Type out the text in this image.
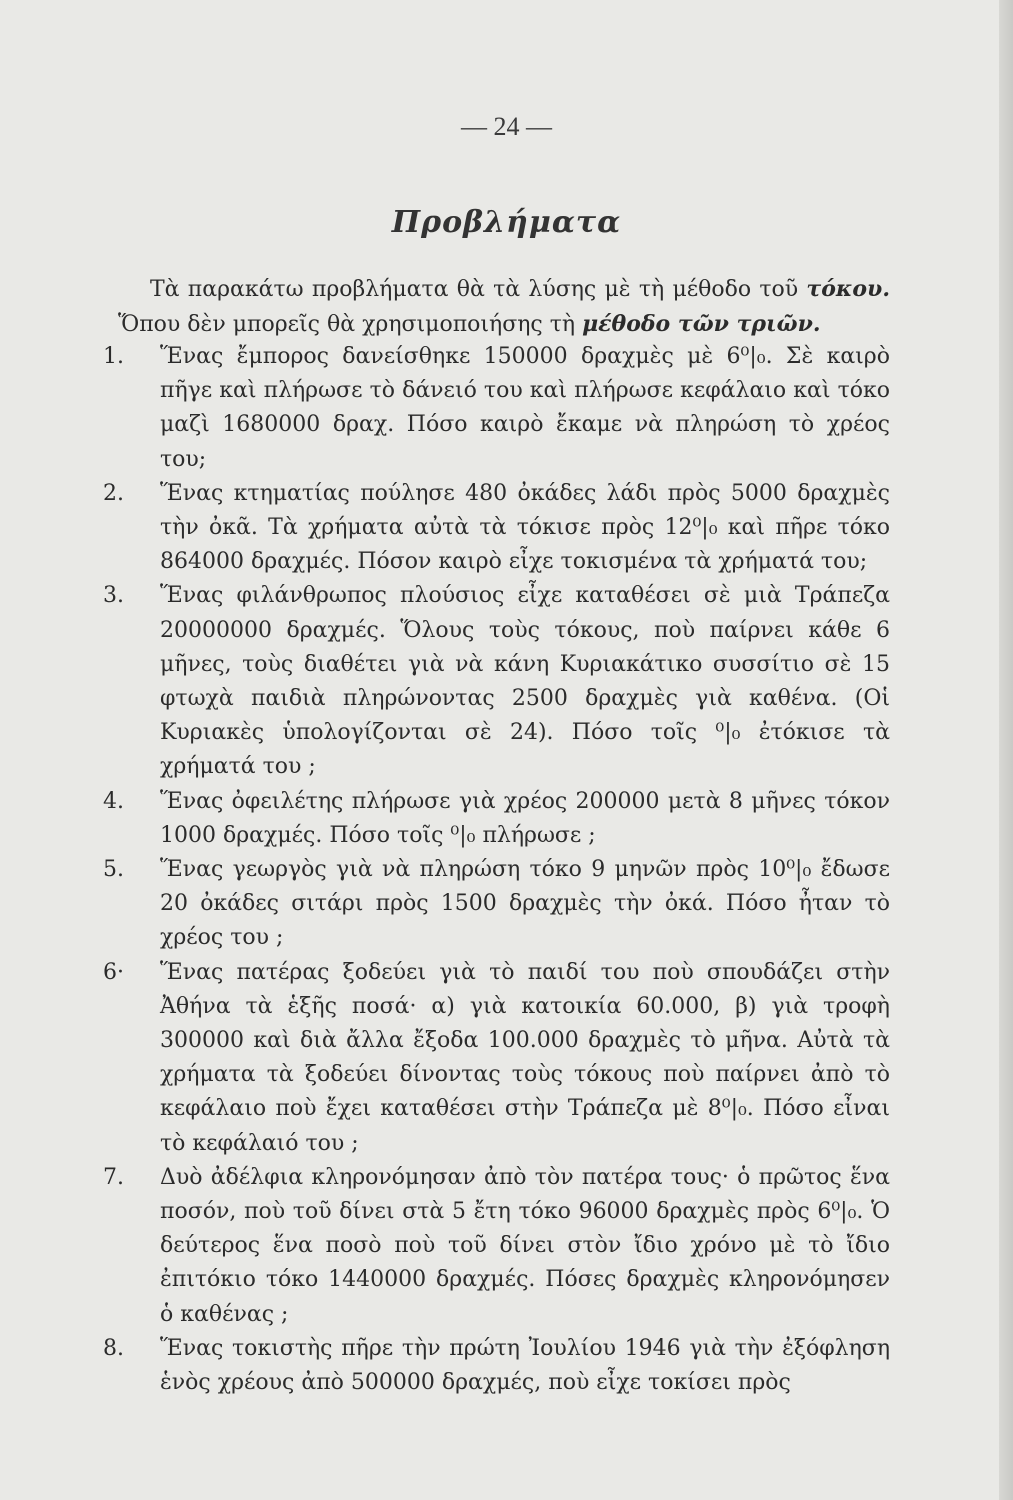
— 24 —
Προβλήματα

Τὰ παρακάτω προβλήματα θὰ τὰ λύσης μὲ τὴ μέθοδο τοῦ τόκου. Ὅπου δὲν μπορεῖς θὰ χρησιμοποιήσης τὴ μέθοδο τῶν τριῶν.

1. Ἕνας ἔμπορος δανείσθηκε 150000 δραχμὲς μὲ 6⁰|₀. Σὲ καιρὸ πῆγε καὶ πλήρωσε τὸ δάνειό του καὶ πλήρωσε κεφάλαιο καὶ τόκο μαζὶ 1680000 δραχ. Πόσο καιρὸ ἔκαμε νὰ πληρώση τὸ χρέος του;
2. Ἕνας κτηματίας πούλησε 480 ὀκάδες λάδι πρὸς 5000 δραχμὲς τὴν ὀκᾶ. Τὰ χρήματα αὐτὰ τὰ τόκισε πρὸς 12⁰|₀ καὶ πῆρε τόκο 864000 δραχμές. Πόσον καιρὸ εἶχε τοκισμένα τὰ χρήματά του;
3. Ἕνας φιλάνθρωπος πλούσιος εἶχε καταθέσει σὲ μιὰ Τράπεζα 20000000 δραχμές. Ὅλους τοὺς τόκους, ποὺ παίρνει κάθε 6 μῆνες, τοὺς διαθέτει γιὰ νὰ κάνη Κυριακάτικο συσσίτιο σὲ 15 φτωχὰ παιδιὰ πληρώνοντας 2500 δραχμὲς γιὰ καθένα. (Οἱ Κυριακὲς ὑπολογίζονται σὲ 24). Πόσο τοῖς ⁰|₀ ἐτόκισε τὰ χρήματά του ;
4. Ἕνας ὀφειλέτης πλήρωσε γιὰ χρέος 200000 μετὰ 8 μῆνες τόκον 1000 δραχμές. Πόσο τοῖς ⁰|₀ πλήρωσε ;
5. Ἕνας γεωργὸς γιὰ νὰ πληρώση τόκο 9 μηνῶν πρὸς 10⁰|₀ ἔδωσε 20 ὀκάδες σιτάρι πρὸς 1500 δραχμὲς τὴν ὀκά. Πόσο ἦταν τὸ χρέος του ;
6· Ἕνας πατέρας ξοδεύει γιὰ τὸ παιδί του ποὺ σπουδάζει στὴν Ἀθήνα τὰ ἑξῆς ποσά· α) γιὰ κατοικία 60.000, β) γιὰ τροφὴ 300000 καὶ διὰ ἄλλα ἔξοδα 100.000 δραχμὲς τὸ μῆνα. Αὐτὰ τὰ χρήματα τὰ ξοδεύει δίνοντας τοὺς τόκους ποὺ παίρνει ἀπὸ τὸ κεφάλαιο ποὺ ἔχει καταθέσει στὴν Τράπεζα μὲ 8⁰|₀. Πόσο εἶναι τὸ κεφάλαιό του ;
7. Δυὸ ἀδέλφια κληρονόμησαν ἀπὸ τὸν πατέρα τους· ὁ πρῶτος ἕνα ποσόν, ποὺ τοῦ δίνει στὰ 5 ἔτη τόκο 96000 δραχμὲς πρὸς 6⁰|₀. Ὁ δεύτερος ἕνα ποσὸ ποὺ τοῦ δίνει στὸν ἴδιο χρόνο μὲ τὸ ἴδιο ἐπιτόκιο τόκο 1440000 δραχμές. Πόσες δραχμὲς κληρονόμησεν ὁ καθένας ;
8. Ἕνας τοκιστὴς πῆρε τὴν πρώτη Ἰουλίου 1946 γιὰ τὴν ἐξόφληση ἑνὸς χρέους ἀπὸ 500000 δραχμές, ποὺ εἶχε τοκίσει πρὸς
